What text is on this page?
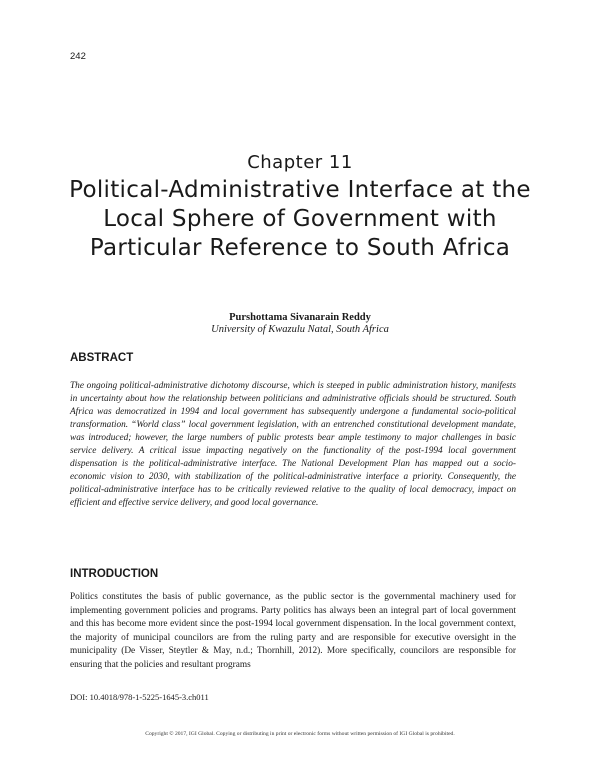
242
Chapter 11
Political-Administrative Interface at the Local Sphere of Government with Particular Reference to South Africa
Purshottama Sivanarain Reddy
University of Kwazulu Natal, South Africa
ABSTRACT

The ongoing political-administrative dichotomy discourse, which is steeped in public administration history, manifests in uncertainty about how the relationship between politicians and administrative officials should be structured. South Africa was democratized in 1994 and local government has subsequently undergone a fundamental socio-political transformation. “World class” local government legislation, with an entrenched constitutional development mandate, was introduced; however, the large numbers of public protests bear ample testimony to major challenges in basic service delivery. A critical issue impacting negatively on the functionality of the post-1994 local government dispensation is the political-administrative interface. The National Development Plan has mapped out a socio-economic vision to 2030, with stabilization of the political-administrative interface a priority. Consequently, the political-administrative interface has to be critically reviewed relative to the quality of local democracy, impact on efficient and effective service delivery, and good local governance.

INTRODUCTION

Politics constitutes the basis of public governance, as the public sector is the governmental machinery used for implementing government policies and programs. Party politics has always been an integral part of local government and this has become more evident since the post-1994 local government dispensation. In the local government context, the majority of municipal councilors are from the ruling party and are responsible for executive oversight in the municipality (De Visser, Steytler & May, n.d.; Thornhill, 2012). More specifically, councilors are responsible for ensuring that the policies and resultant programs

DOI: 10.4018/978-1-5225-1645-3.ch011
Copyright © 2017, IGI Global. Copying or distributing in print or electronic forms without written permission of IGI Global is prohibited.
